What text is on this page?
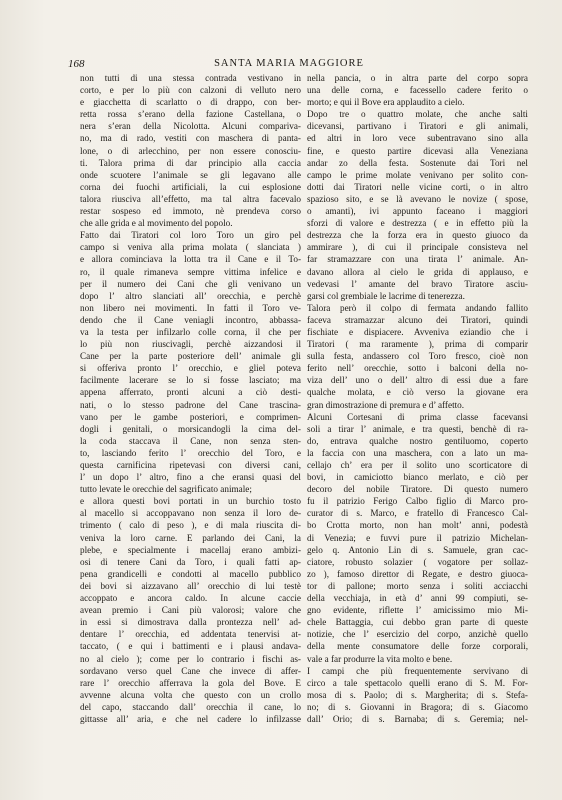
168	SANTA MARIA MAGGIORE
non tutti di una stessa contrada vestivano in
corto, e per lo più con calzoni di velluto nero
e giacchetta di scarlatto o di drappo, con ber-
retta rossa s’erano della fazione Castellana, o
nera s’eran della Nicolotta. Alcuni compariva-
no, ma di rado, vestiti con maschera di panta-
lone, o di arlecchino, per non essere conosciu-
ti. Talora prima di dar principio alla caccia
onde scuotere l’animale se gli legavano alle
corna dei fuochi artificiali, la cui esplosione
talora riusciva all’effetto, ma tal altra facevalo
restar sospeso ed immoto, nè prendeva corso
che alle grida e al movimento del popolo.
Fatto dai Tiratori col loro Toro un giro pel
campo si veniva alla prima molata ( slanciata )
e allora cominciava la lotta tra il Cane e il To-
ro, il quale rimaneva sempre vittima infelice e
per il numero dei Cani che gli venivano un
dopo l’ altro slanciati all’ orecchia, e perchè
non libero nei movimenti. In fatti il Toro ve-
dendo che il Cane veniagli incontro, abbassa-
va la testa per infilzarlo colle corna, il che per
lo più non riuscivagli, perchè aizzandosi il
Cane per la parte posteriore dell’ animale gli
si offeriva pronto l’ orecchio, e gliel poteva
facilmente lacerare se lo si fosse lasciato; ma
appena afferrato, pronti alcuni a ciò desti-
nati, o lo stesso padrone del Cane trascina-
vano per le gambe posteriori, e comprimen-
dogli i genitali, o morsicandogli la cima del-
la coda staccava il Cane, non senza sten-
to, lasciando ferito l’ orecchio del Toro, e
questa carnificina ripetevasi con diversi cani,
l’ un dopo l’ altro, fino a che eransi quasi del
tutto levate le orecchie del sagrificato animale;
e allora questi bovi portati in un burchio tosto
al macello si accoppavano non senza il loro de-
trimento ( calo di peso ), e di mala riuscita di-
veniva la loro carne. E parlando dei Cani, la
plebe, e specialmente i macellaj erano ambizi-
osi di tenere Cani da Toro, i quali fatti ap-
pena grandicelli e condotti al macello pubblico
dei bovi si aizzavano all’ orecchio di lui testè
accoppato e ancora caldo. In alcune caccie
avean premio i Cani più valorosi; valore che
in essi si dimostrava dalla prontezza nell’ ad-
dentare l’ orecchia, ed addentata tenervisi at-
taccato, ( e qui i battimenti e i plausi andava-
no al cielo ); come per lo contrario i fischi as-
sordavano verso quel Cane che invece di affer-
rare l’ orecchio afferrava la gola del Bove. E
avvenne alcuna volta che questo con un crollo
del capo, staccando dall’ orecchia il cane, lo
gittasse all’ aria, e che nel cadere lo infilzasse
nella pancia, o in altra parte del corpo sopra
una delle corna, e facessello cadere ferito o
morto; e qui il Bove era applaudito a cielo.
Dopo tre o quattro molate, che anche salti
dicevansi, partivano i Tiratori e gli animali,
ed altri in loro vece subentravano sino alla
fine, e questo partire dicevasi alla Veneziana
andar zo della festa. Sostenute dai Tori nel
campo le prime molate venivano per solito con-
dotti dai Tiratori nelle vicine corti, o in altro
spazioso sito, e se là avevano le novize ( spose,
o amanti), ivi appunto faceano i maggiori
sforzi di valore e destrezza ( e in effetto più la
destrezza che la forza era in questo giuoco da
ammirare ), di cui il principale consisteva nel
far stramazzare con una tirata l’ animale. An-
davano allora al cielo le grida di applauso, e
vedevasi l’ amante del bravo Tiratore asciu-
garsi col grembiale le lacrime di tenerezza.
Talora però il colpo di fermata andando fallito
faceva stramazzar alcuno dei Tiratori, quindi
fischiate e dispiacere. Avveniva eziandio che i
Tiratori ( ma raramente ), prima di comparir
sulla festa, andassero col Toro fresco, cioè non
ferito nell’ orecchie, sotto i balconi della no-
viza dell’ uno o dell’ altro di essi due a fare
qualche molata, e ciò verso la giovane era
gran dimostrazione di premura e d’ affetto.
Alcuni Cortesani di prima classe facevansi
soli a tirar l’ animale, e tra questi, benchè di ra-
do, entrava qualche nostro gentiluomo, coperto
la faccia con una maschera, con a lato un ma-
cellajo ch’ era per il solito uno scorticatore di
bovi, in camiciotto bianco merlato, e ciò per
decoro del nobile Tiratore. Di questo numero
fu il patrizio Ferigo Calbo figlio di Marco pro-
curator di s. Marco, e fratello di Francesco Cal-
bo Crotta morto, non han molt’ anni, podestà
di Venezia; e fuvvi pure il patrizio Michelan-
gelo q. Antonio Lin di s. Samuele, gran cac-
ciatore, robusto solazier ( vogatore per sollaz-
zo ), famoso direttor di Regate, e destro giuoca-
tor di pallone; morto senza i soliti acciacchi
della vecchiaja, in età d’ anni 99 compiuti, se-
gno evidente, riflette l’ amicissimo mio Mi-
chele Battaggia, cui debbo gran parte di queste
notizie, che l’ esercizio del corpo, anzichè quello
della mente consumatore delle forze corporali,
vale a far produrre la vita molto e bene.
I campi che più frequentemente servivano di
circo a tale spettacolo quelli erano di S. M. For-
mosa di s. Paolo; di s. Margherita; di s. Stefa-
no; di s. Giovanni in Bragora; di s. Giacomo
dall’ Orio; di s. Barnaba; di s. Geremia; nel-
